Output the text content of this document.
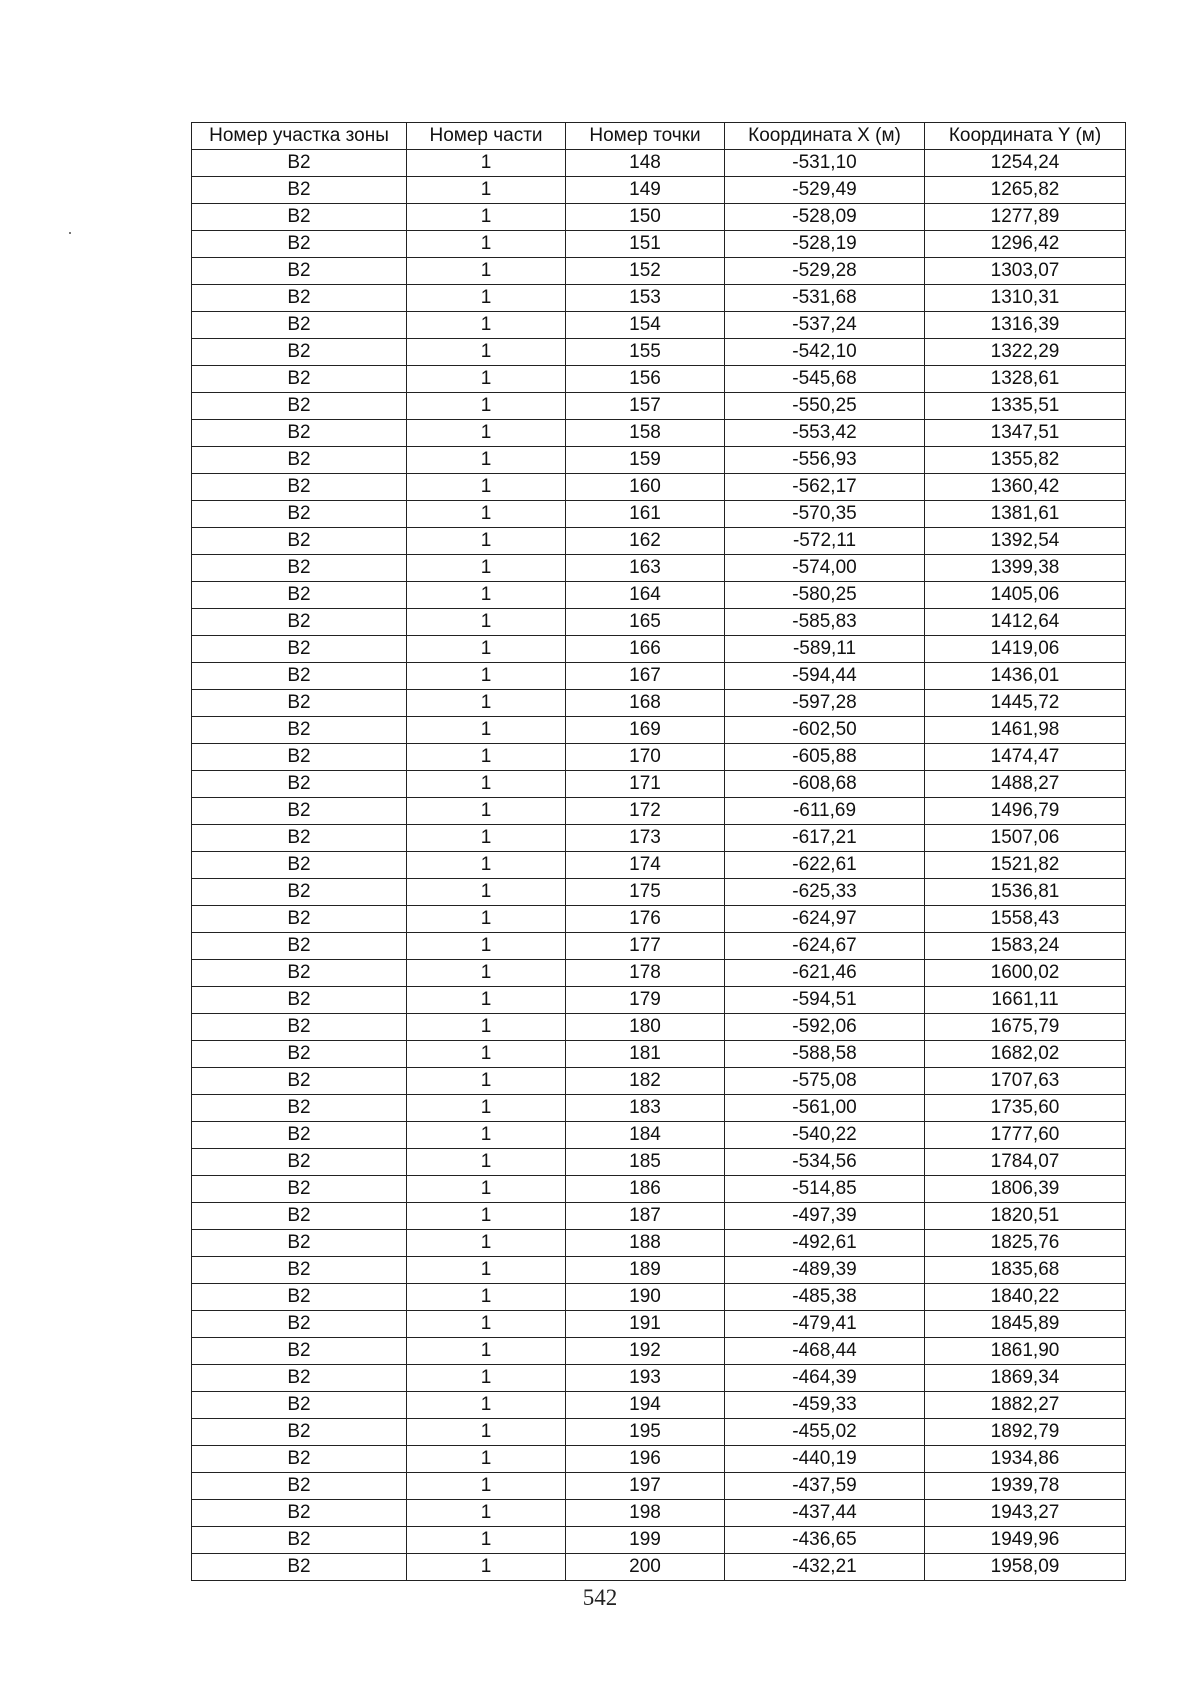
Номер участка зоны	Номер части	Номер точки	Координата X (м)	Координата Y (м)
В2	1	148	-531,10	1254,24
В2	1	149	-529,49	1265,82
В2	1	150	-528,09	1277,89
В2	1	151	-528,19	1296,42
В2	1	152	-529,28	1303,07
В2	1	153	-531,68	1310,31
В2	1	154	-537,24	1316,39
В2	1	155	-542,10	1322,29
В2	1	156	-545,68	1328,61
В2	1	157	-550,25	1335,51
В2	1	158	-553,42	1347,51
В2	1	159	-556,93	1355,82
В2	1	160	-562,17	1360,42
В2	1	161	-570,35	1381,61
В2	1	162	-572,11	1392,54
В2	1	163	-574,00	1399,38
В2	1	164	-580,25	1405,06
В2	1	165	-585,83	1412,64
В2	1	166	-589,11	1419,06
В2	1	167	-594,44	1436,01
В2	1	168	-597,28	1445,72
В2	1	169	-602,50	1461,98
В2	1	170	-605,88	1474,47
В2	1	171	-608,68	1488,27
В2	1	172	-611,69	1496,79
В2	1	173	-617,21	1507,06
В2	1	174	-622,61	1521,82
В2	1	175	-625,33	1536,81
В2	1	176	-624,97	1558,43
В2	1	177	-624,67	1583,24
В2	1	178	-621,46	1600,02
В2	1	179	-594,51	1661,11
В2	1	180	-592,06	1675,79
В2	1	181	-588,58	1682,02
В2	1	182	-575,08	1707,63
В2	1	183	-561,00	1735,60
В2	1	184	-540,22	1777,60
В2	1	185	-534,56	1784,07
В2	1	186	-514,85	1806,39
В2	1	187	-497,39	1820,51
В2	1	188	-492,61	1825,76
В2	1	189	-489,39	1835,68
В2	1	190	-485,38	1840,22
В2	1	191	-479,41	1845,89
В2	1	192	-468,44	1861,90
В2	1	193	-464,39	1869,34
В2	1	194	-459,33	1882,27
В2	1	195	-455,02	1892,79
В2	1	196	-440,19	1934,86
В2	1	197	-437,59	1939,78
В2	1	198	-437,44	1943,27
В2	1	199	-436,65	1949,96
В2	1	200	-432,21	1958,09
542
